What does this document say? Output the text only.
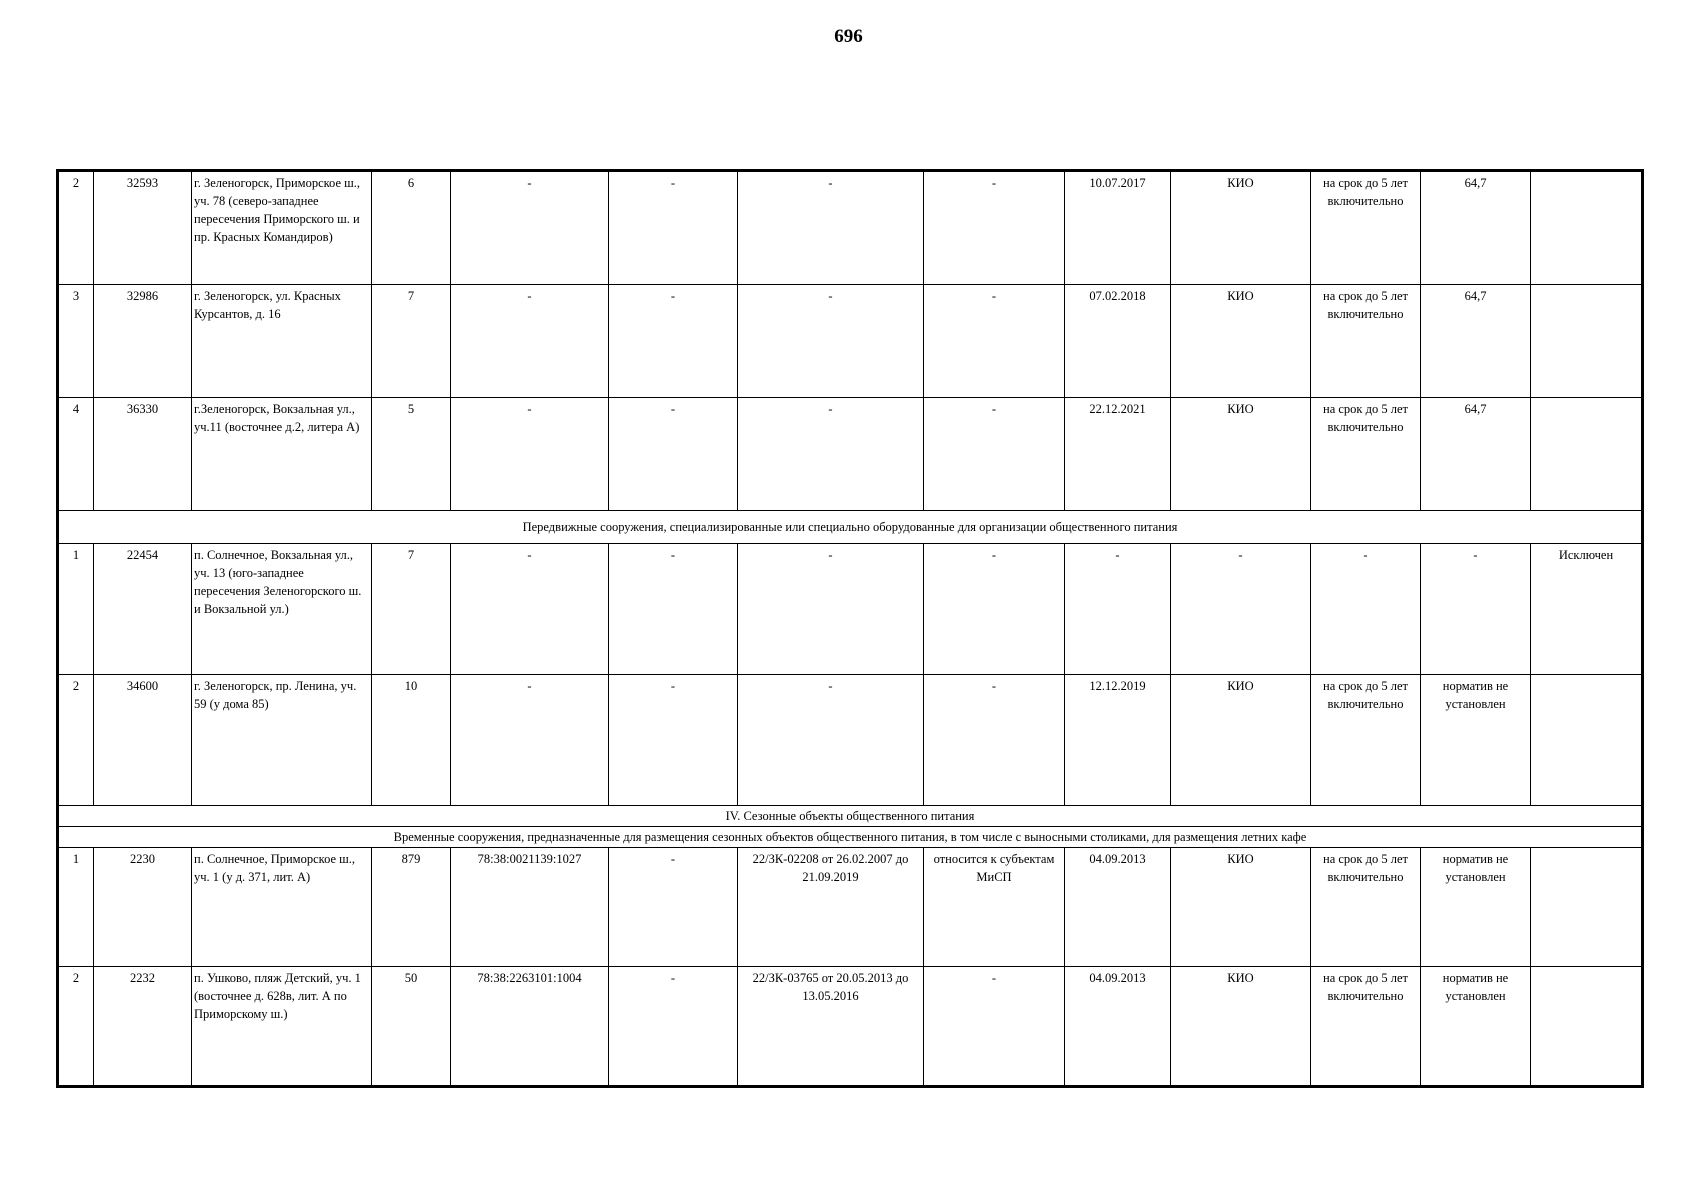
696
2	32593	г. Зеленогорск, Приморское ш., уч. 78 (северо-западнее пересечения Приморского ш. и пр. Красных Командиров)	6	-	-	-	-	10.07.2017	КИО	на срок до 5 лет включительно	64,7	
3	32986	г. Зеленогорск, ул. Красных Курсантов, д. 16	7	-	-	-	-	07.02.2018	КИО	на срок до 5 лет включительно	64,7	
4	36330	г.Зеленогорск, Вокзальная ул., уч.11 (восточнее д.2, литера А)	5	-	-	-	-	22.12.2021	КИО	на срок до 5 лет включительно	64,7	
Передвижные сооружения, специализированные или специально оборудованные для организации общественного питания												
1	22454	п. Солнечное, Вокзальная ул., уч. 13 (юго-западнее пересечения Зеленогорского ш. и Вокзальной ул.)	7	-	-	-	-	-	-	-	-	Исключен
2	34600	г. Зеленогорск, пр. Ленина, уч. 59 (у дома 85)	10	-	-	-	-	12.12.2019	КИО	на срок до 5 лет включительно	норматив не установлен	
IV. Сезонные объекты общественного питания												
Временные сооружения, предназначенные для размещения сезонных объектов общественного питания, в том числе с выносными столиками, для размещения летних кафе												
1	2230	п. Солнечное, Приморское ш., уч. 1 (у д. 371, лит. А)	879	78:38:0021139:1027	-	22/ЗК-02208 от 26.02.2007 до 21.09.2019	относится к субъектам МиСП	04.09.2013	КИО	на срок до 5 лет включительно	норматив не установлен	
2	2232	п. Ушково, пляж Детский, уч. 1 (восточнее д. 628в, лит. А по Приморскому ш.)	50	78:38:2263101:1004	-	22/ЗК-03765 от 20.05.2013 до 13.05.2016	-	04.09.2013	КИО	на срок до 5 лет включительно	норматив не установлен	
